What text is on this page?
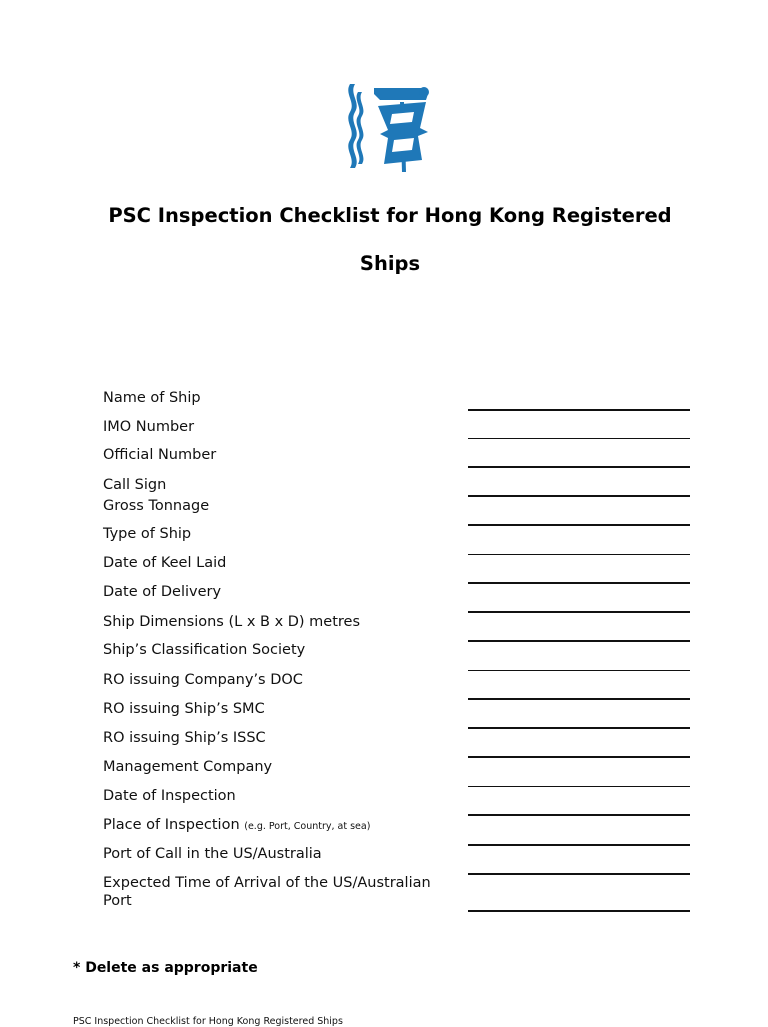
PSC Inspection Checklist for Hong Kong Registered
Ships
Name of Ship
IMO Number
Official Number
Call Sign
Gross Tonnage
Type of Ship
Date of Keel Laid
Date of Delivery
Ship Dimensions (L x B x D) metres
Ship’s Classification Society
RO issuing Company’s DOC
RO issuing Ship’s SMC
RO issuing Ship’s ISSC
Management Company
Date of Inspection
Place of Inspection (e.g. Port, Country, at sea)
Port of Call in the US/Australia
Expected Time of Arrival of the US/Australian
Port
* Delete as appropriate
PSC Inspection Checklist for Hong Kong Registered Ships
